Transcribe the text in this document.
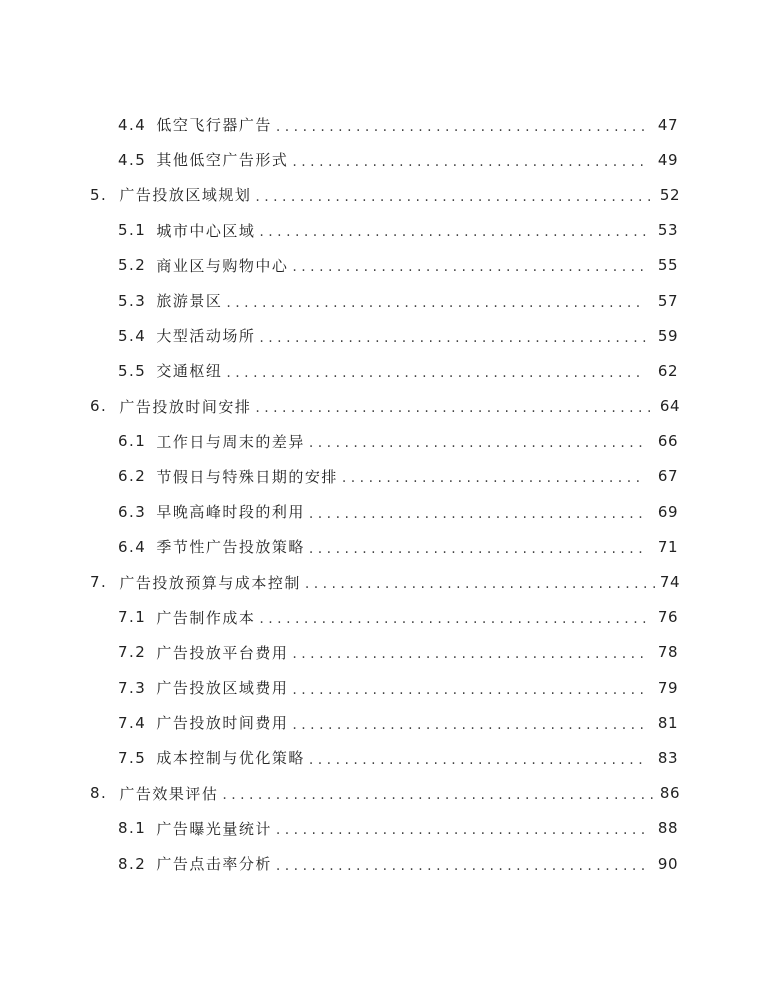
4.4 低空飞行器广告 . . .	47
4.5 其他低空广告形式 . . .	49
5. 广告投放区域规划 . . .	52
5.1 城市中心区域 . . .	53
5.2 商业区与购物中心 . . .	55
5.3 旅游景区 . . .	57
5.4 大型活动场所 . . .	59
5.5 交通枢纽 . . .	62
6. 广告投放时间安排 . . .	64
6.1 工作日与周末的差异 . . .	66
6.2 节假日与特殊日期的安排 . . .	67
6.3 早晚高峰时段的利用 . . .	69
6.4 季节性广告投放策略 . . .	71
7. 广告投放预算与成本控制 . . .	74
7.1 广告制作成本 . . .	76
7.2 广告投放平台费用 . . .	78
7.3 广告投放区域费用 . . .	79
7.4 广告投放时间费用 . . .	81
7.5 成本控制与优化策略 . . .	83
8. 广告效果评估 . . .	86
8.1 广告曝光量统计 . . .	88
8.2 广告点击率分析 . . .	90
